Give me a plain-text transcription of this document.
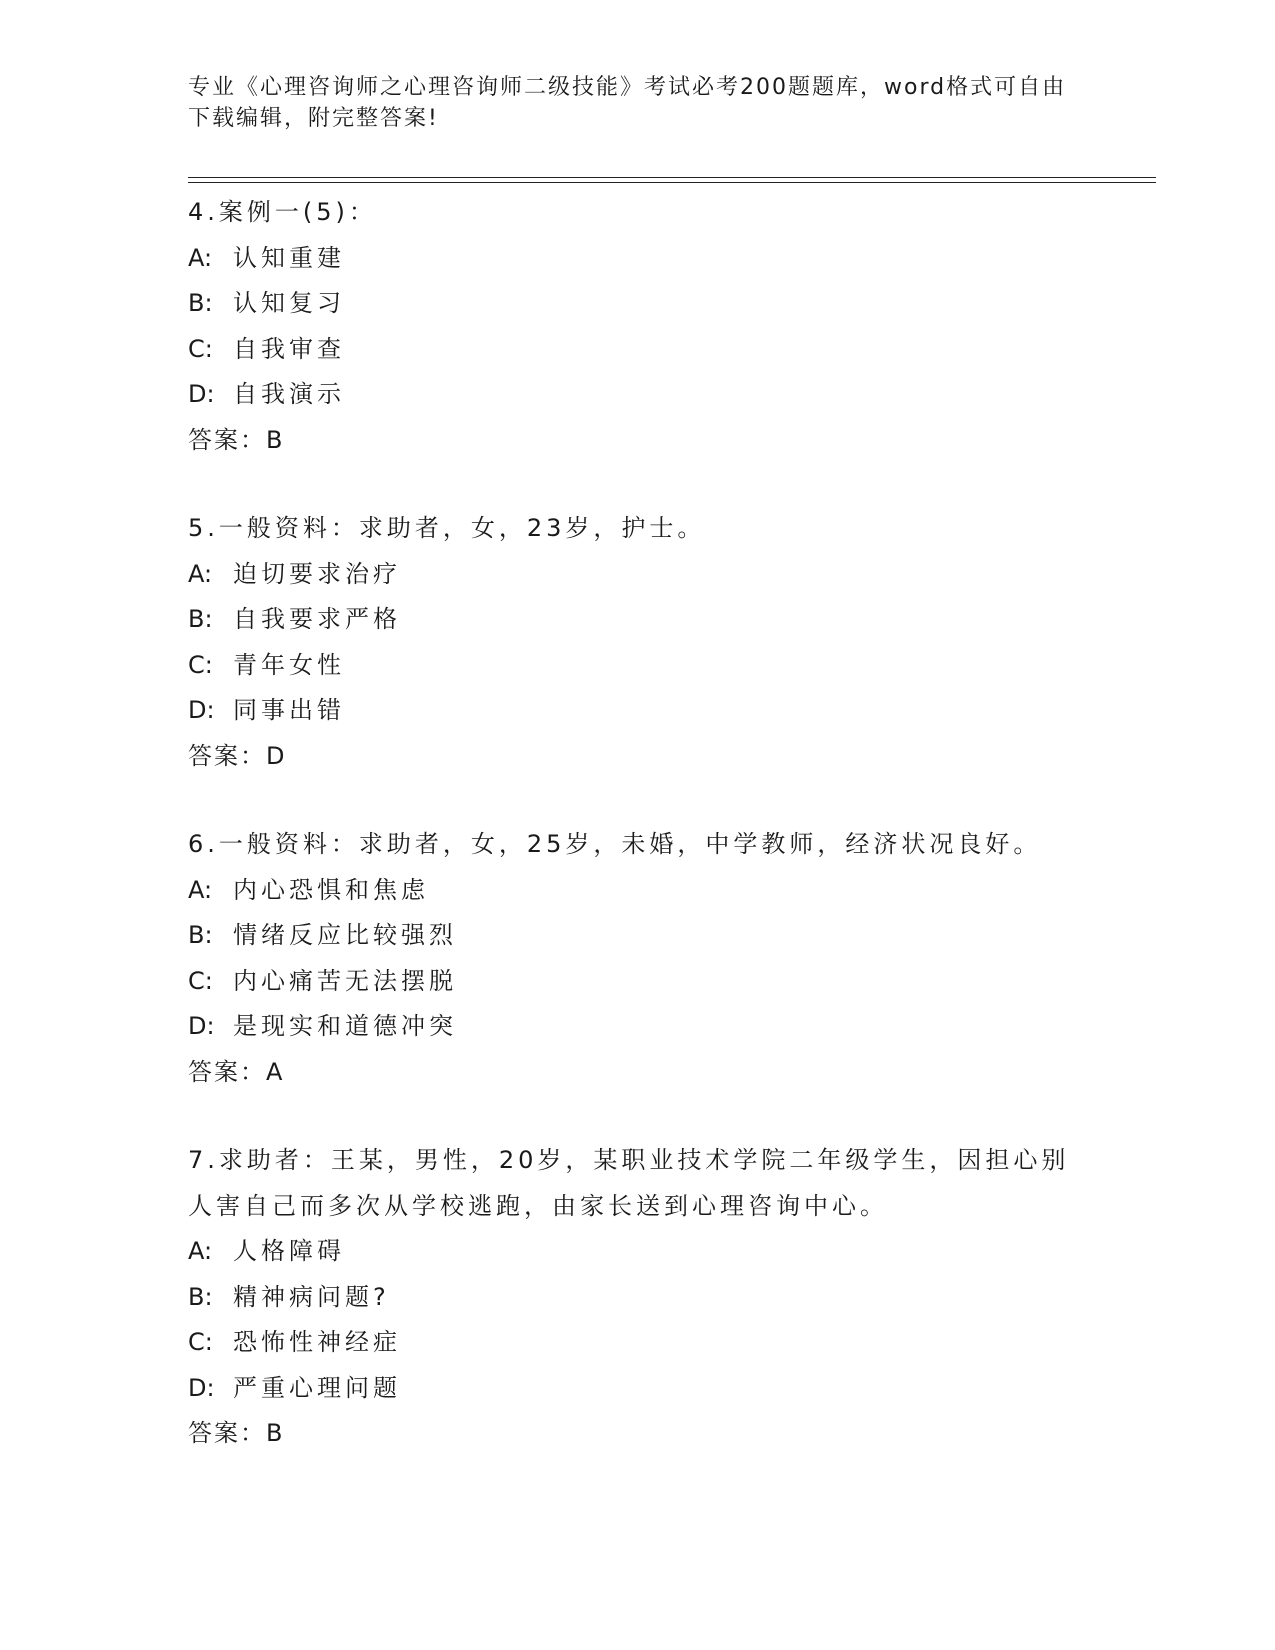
专业《心理咨询师之心理咨询师二级技能》考试必考200题题库，word格式可自由下载编辑，附完整答案!
4.案例一(5)：
A: 认知重建
B: 认知复习
C: 自我审查
D: 自我演示
答案：B
5.一般资料：求助者，女，23岁，护士。
A: 迫切要求治疗
B: 自我要求严格
C: 青年女性
D: 同事出错
答案：D
6.一般资料：求助者，女，25岁，未婚，中学教师，经济状况良好。
A: 内心恐惧和焦虑
B: 情绪反应比较强烈
C: 内心痛苦无法摆脱
D: 是现实和道德冲突
答案：A
7.求助者：王某，男性，20岁，某职业技术学院二年级学生，因担心别人害自己而多次从学校逃跑，由家长送到心理咨询中心。
A: 人格障碍
B: 精神病问题?
C: 恐怖性神经症
D: 严重心理问题
答案：B
